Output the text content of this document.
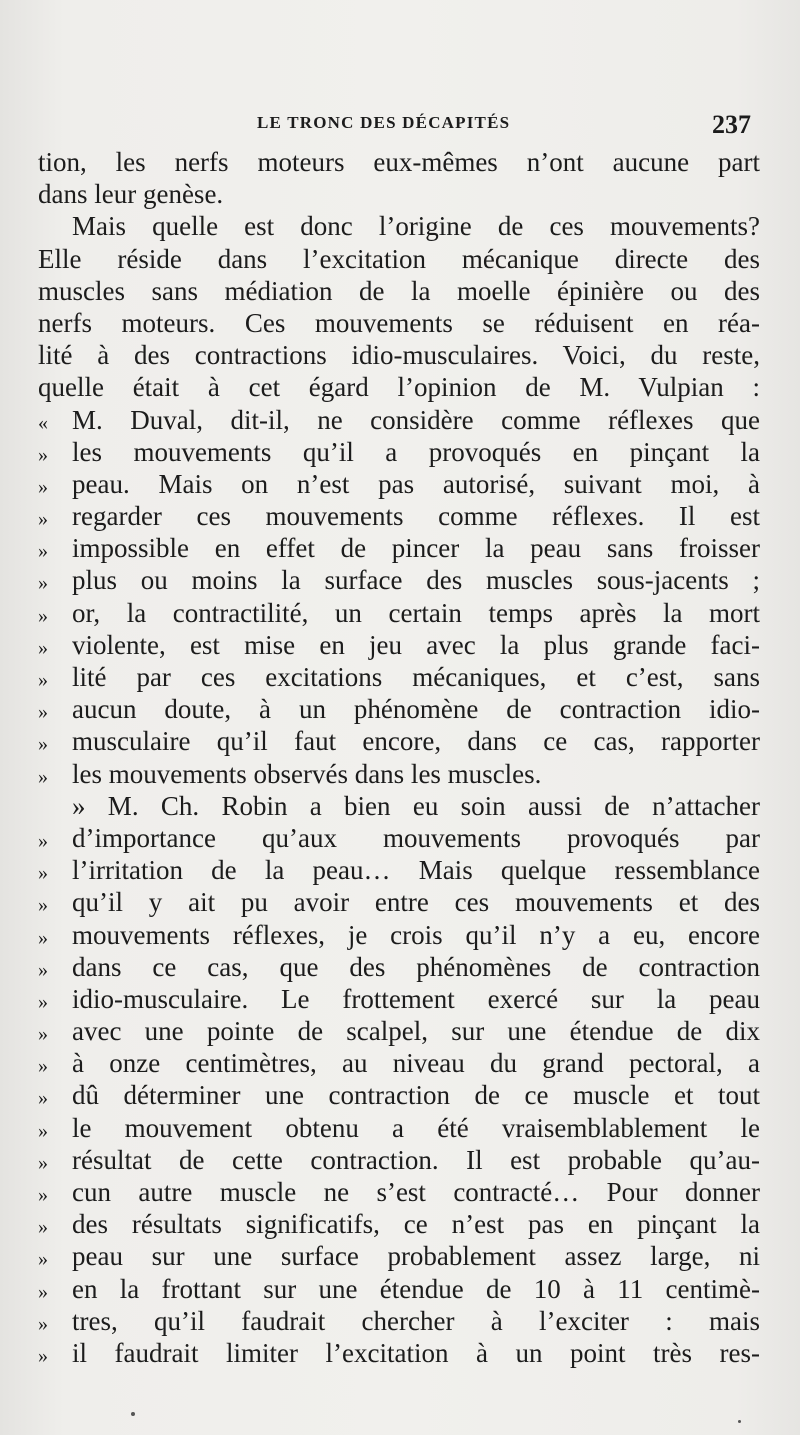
LE TRONC DES DÉCAPITÉS	237
tion, les nerfs moteurs eux-mêmes n’ont aucune part
dans leur genèse.
Mais quelle est donc l’origine de ces mouvements?
Elle réside dans l’excitation mécanique directe des
muscles sans médiation de la moelle épinière ou des
nerfs moteurs. Ces mouvements se réduisent en réa-
lité à des contractions idio-musculaires. Voici, du reste,
quelle était à cet égard l’opinion de M. Vulpian :
« M. Duval, dit-il, ne considère comme réflexes que
» les mouvements qu’il a provoqués en pinçant la
» peau. Mais on n’est pas autorisé, suivant moi, à
» regarder ces mouvements comme réflexes. Il est
» impossible en effet de pincer la peau sans froisser
» plus ou moins la surface des muscles sous-jacents ;
» or, la contractilité, un certain temps après la mort
» violente, est mise en jeu avec la plus grande faci-
» lité par ces excitations mécaniques, et c’est, sans
» aucun doute, à un phénomène de contraction idio-
» musculaire qu’il faut encore, dans ce cas, rapporter
» les mouvements observés dans les muscles.
» M. Ch. Robin a bien eu soin aussi de n’attacher
» d’importance qu’aux mouvements provoqués par
» l’irritation de la peau… Mais quelque ressemblance
» qu’il y ait pu avoir entre ces mouvements et des
» mouvements réflexes, je crois qu’il n’y a eu, encore
» dans ce cas, que des phénomènes de contraction
» idio-musculaire. Le frottement exercé sur la peau
» avec une pointe de scalpel, sur une étendue de dix
» à onze centimètres, au niveau du grand pectoral, a
» dû déterminer une contraction de ce muscle et tout
» le mouvement obtenu a été vraisemblablement le
» résultat de cette contraction. Il est probable qu’au-
» cun autre muscle ne s’est contracté… Pour donner
» des résultats significatifs, ce n’est pas en pinçant la
» peau sur une surface probablement assez large, ni
» en la frottant sur une étendue de 10 à 11 centimè-
» tres, qu’il faudrait chercher à l’exciter : mais
» il faudrait limiter l’excitation à un point très res-
